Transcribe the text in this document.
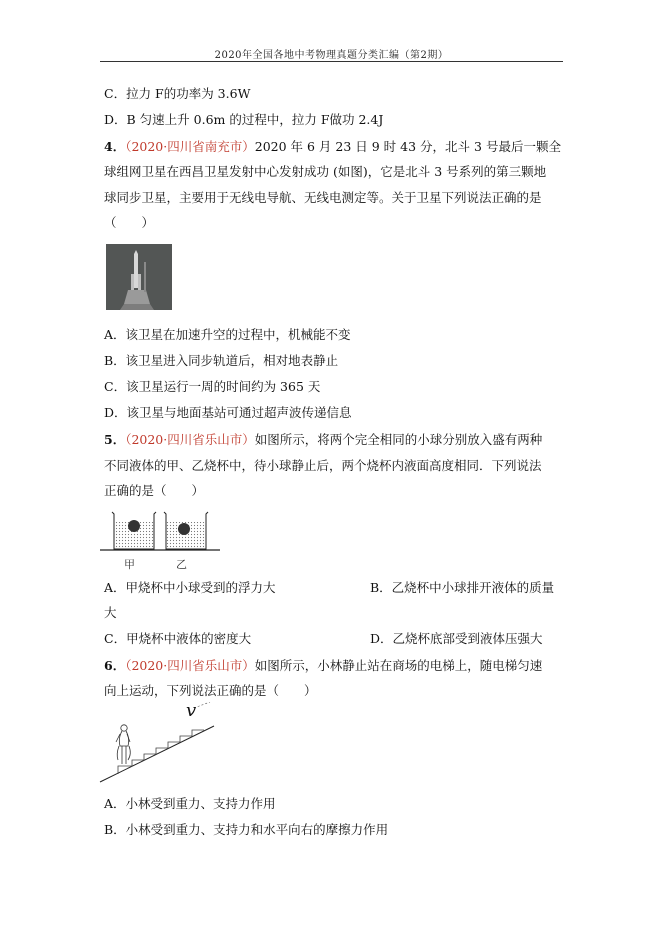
2020年全国各地中考物理真题分类汇编（第2期）
C．拉力 F的功率为 3.6W
D．B 匀速上升 0.6m 的过程中，拉力 F做功 2.4J
4．（2020·四川省南充市）2020 年 6 月 23 日 9 时 43 分，北斗 3 号最后一颗全
球组网卫星在西昌卫星发射中心发射成功 (如图)，它是北斗 3 号系列的第三颗地
球同步卫星，主要用于无线电导航、无线电测定等。关于卫星下列说法正确的是
（　　）
A．该卫星在加速升空的过程中，机械能不变
B．该卫星进入同步轨道后，相对地表静止
C．该卫星运行一周的时间约为 365 天
D．该卫星与地面基站可通过超声波传递信息
5．（2020·四川省乐山市）如图所示，将两个完全相同的小球分别放入盛有两种
不同液体的甲、乙烧杯中，待小球静止后，两个烧杯内液面高度相同．下列说法
正确的是（　　）
甲	乙
A．甲烧杯中小球受到的浮力大	B．乙烧杯中小球排开液体的质量
大
C．甲烧杯中液体的密度大	D．乙烧杯底部受到液体压强大
6．（2020·四川省乐山市）如图所示，小林静止站在商场的电梯上，随电梯匀速
向上运动，下列说法正确的是（　　）
v
A．小林受到重力、支持力作用
B．小林受到重力、支持力和水平向右的摩擦力作用
